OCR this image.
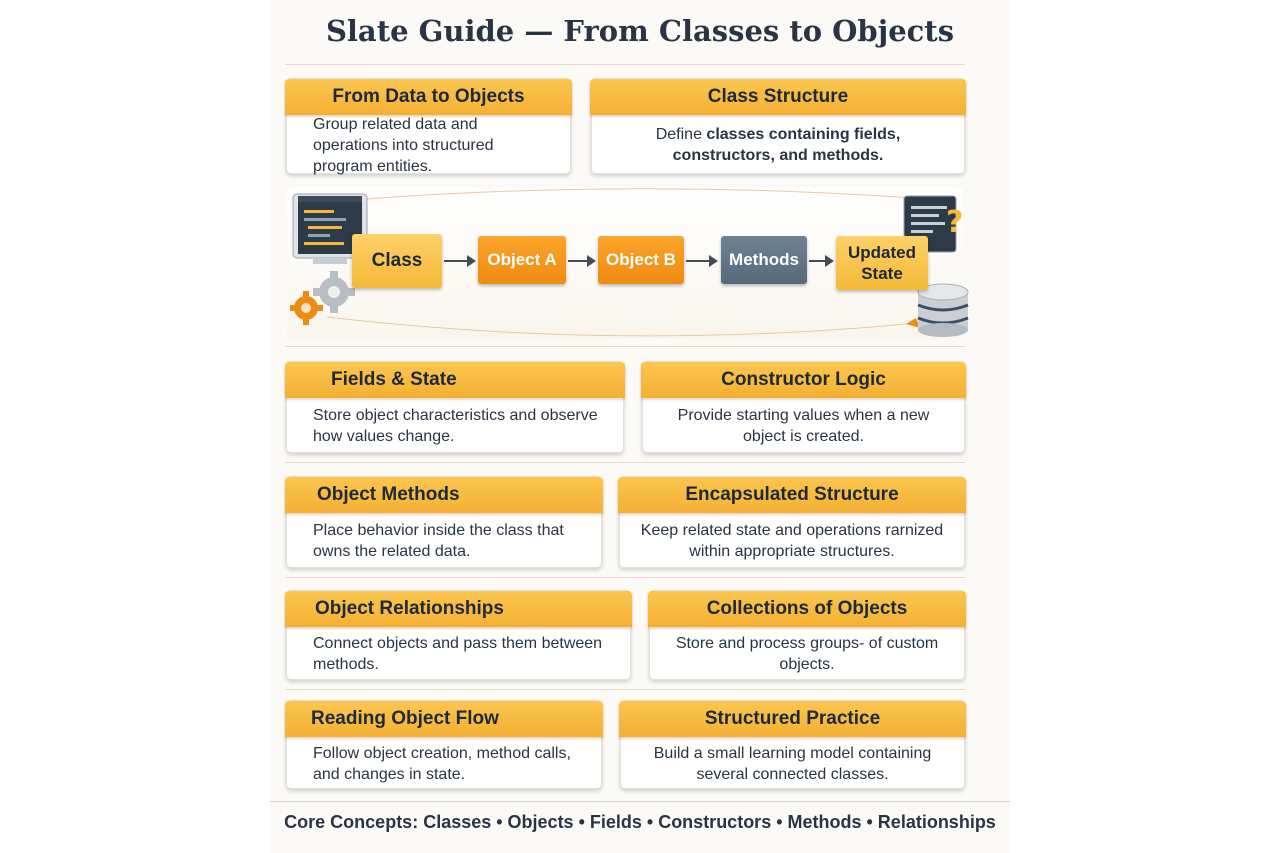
Slate Guide — From Classes to Objects
From Data to Objects
Group related data and operations into structured program entities.
Class Structure
Define classes containing fields, constructors, and methods.
?
Class	Object A	Object B	Methods	Updated State
Fields & State
Store object characteristics and observe how values change.
Constructor Logic
Provide starting values when a new object is created.
Object Methods
Place behavior inside the class that owns the related data.
Encapsulated Structure
Keep related state and operations rarnized within appropriate structures.
Object Relationships
Connect objects and pass them between methods.
Collections of Objects
Store and process groups- of custom objects.
Reading Object Flow
Follow object creation, method calls, and changes in state.
Structured Practice
Build a small learning model containing several connected classes.
Core Concepts: Classes • Objects • Fields • Constructors • Methods • Relationships
